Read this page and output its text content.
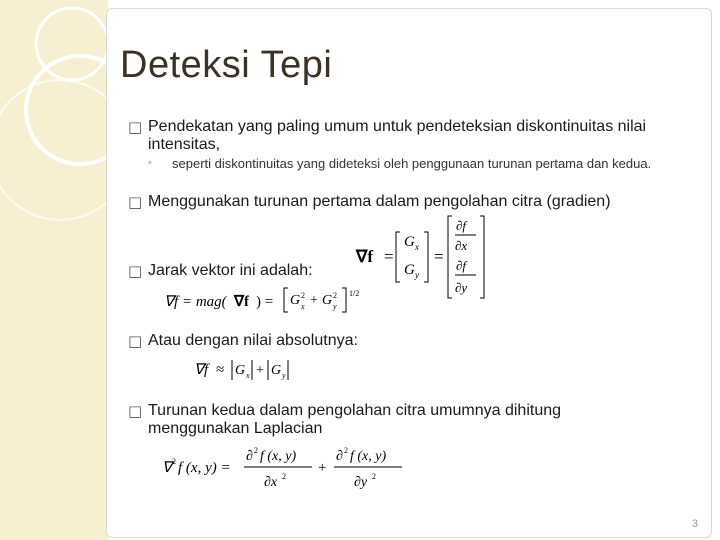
Deteksi Tepi
□ Pendekatan yang paling umum untuk pendeteksian diskontinuitas nilai intensitas,
◦ seperti diskontinuitas yang dideteksi oleh penggunaan turunan pertama dan kedua.
□ Menggunakan turunan pertama dalam pengolahan citra (gradien)
□ Jarak vektor ini adalah:
□ Atau dengan nilai absolutnya:
□ Turunan kedua dalam pengolahan citra umumnya dihitung menggunakan Laplacian
∇f =
G x
G y
=
∂f
∂x
∂f
∂y
∇f = mag( ∇f ) = G 2
x + G 2
y
1/2
∇f ≈ G x + G y
∇ 2 f (x, y) =
∂ 2 f (x, y)
∂x 2
+
∂ 2 f (x, y)
∂y 2
3
